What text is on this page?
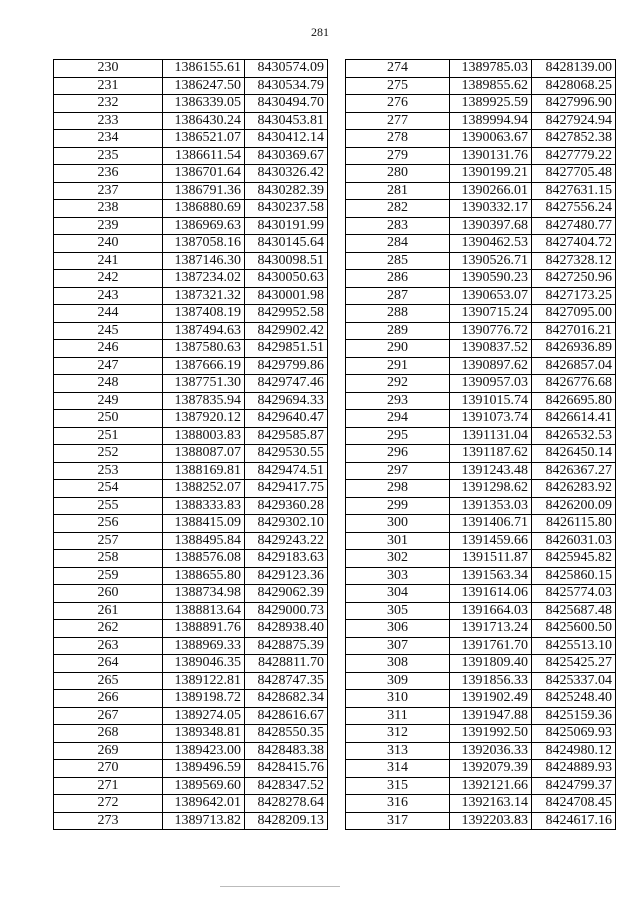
281
230	1386155.61	8430574.09
231	1386247.50	8430534.79
232	1386339.05	8430494.70
233	1386430.24	8430453.81
234	1386521.07	8430412.14
235	1386611.54	8430369.67
236	1386701.64	8430326.42
237	1386791.36	8430282.39
238	1386880.69	8430237.58
239	1386969.63	8430191.99
240	1387058.16	8430145.64
241	1387146.30	8430098.51
242	1387234.02	8430050.63
243	1387321.32	8430001.98
244	1387408.19	8429952.58
245	1387494.63	8429902.42
246	1387580.63	8429851.51
247	1387666.19	8429799.86
248	1387751.30	8429747.46
249	1387835.94	8429694.33
250	1387920.12	8429640.47
251	1388003.83	8429585.87
252	1388087.07	8429530.55
253	1388169.81	8429474.51
254	1388252.07	8429417.75
255	1388333.83	8429360.28
256	1388415.09	8429302.10
257	1388495.84	8429243.22
258	1388576.08	8429183.63
259	1388655.80	8429123.36
260	1388734.98	8429062.39
261	1388813.64	8429000.73
262	1388891.76	8428938.40
263	1388969.33	8428875.39
264	1389046.35	8428811.70
265	1389122.81	8428747.35
266	1389198.72	8428682.34
267	1389274.05	8428616.67
268	1389348.81	8428550.35
269	1389423.00	8428483.38
270	1389496.59	8428415.76
271	1389569.60	8428347.52
272	1389642.01	8428278.64
273	1389713.82	8428209.13
274	1389785.03	8428139.00
275	1389855.62	8428068.25
276	1389925.59	8427996.90
277	1389994.94	8427924.94
278	1390063.67	8427852.38
279	1390131.76	8427779.22
280	1390199.21	8427705.48
281	1390266.01	8427631.15
282	1390332.17	8427556.24
283	1390397.68	8427480.77
284	1390462.53	8427404.72
285	1390526.71	8427328.12
286	1390590.23	8427250.96
287	1390653.07	8427173.25
288	1390715.24	8427095.00
289	1390776.72	8427016.21
290	1390837.52	8426936.89
291	1390897.62	8426857.04
292	1390957.03	8426776.68
293	1391015.74	8426695.80
294	1391073.74	8426614.41
295	1391131.04	8426532.53
296	1391187.62	8426450.14
297	1391243.48	8426367.27
298	1391298.62	8426283.92
299	1391353.03	8426200.09
300	1391406.71	8426115.80
301	1391459.66	8426031.03
302	1391511.87	8425945.82
303	1391563.34	8425860.15
304	1391614.06	8425774.03
305	1391664.03	8425687.48
306	1391713.24	8425600.50
307	1391761.70	8425513.10
308	1391809.40	8425425.27
309	1391856.33	8425337.04
310	1391902.49	8425248.40
311	1391947.88	8425159.36
312	1391992.50	8425069.93
313	1392036.33	8424980.12
314	1392079.39	8424889.93
315	1392121.66	8424799.37
316	1392163.14	8424708.45
317	1392203.83	8424617.16
